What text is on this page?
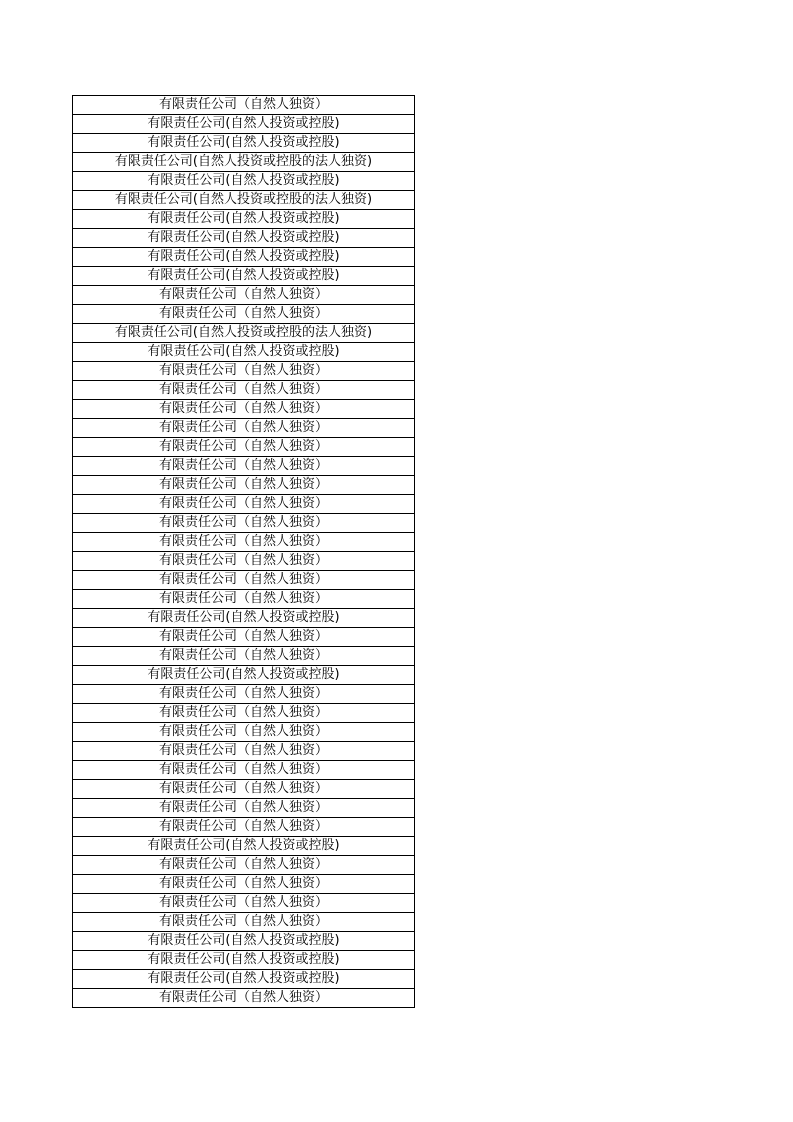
有限责任公司（自然人独资）
有限责任公司(自然人投资或控股)
有限责任公司(自然人投资或控股)
有限责任公司(自然人投资或控股的法人独资)
有限责任公司(自然人投资或控股)
有限责任公司(自然人投资或控股的法人独资)
有限责任公司(自然人投资或控股)
有限责任公司(自然人投资或控股)
有限责任公司(自然人投资或控股)
有限责任公司(自然人投资或控股)
有限责任公司（自然人独资）
有限责任公司（自然人独资）
有限责任公司(自然人投资或控股的法人独资)
有限责任公司(自然人投资或控股)
有限责任公司（自然人独资）
有限责任公司（自然人独资）
有限责任公司（自然人独资）
有限责任公司（自然人独资）
有限责任公司（自然人独资）
有限责任公司（自然人独资）
有限责任公司（自然人独资）
有限责任公司（自然人独资）
有限责任公司（自然人独资）
有限责任公司（自然人独资）
有限责任公司（自然人独资）
有限责任公司（自然人独资）
有限责任公司（自然人独资）
有限责任公司(自然人投资或控股)
有限责任公司（自然人独资）
有限责任公司（自然人独资）
有限责任公司(自然人投资或控股)
有限责任公司（自然人独资）
有限责任公司（自然人独资）
有限责任公司（自然人独资）
有限责任公司（自然人独资）
有限责任公司（自然人独资）
有限责任公司（自然人独资）
有限责任公司（自然人独资）
有限责任公司（自然人独资）
有限责任公司(自然人投资或控股)
有限责任公司（自然人独资）
有限责任公司（自然人独资）
有限责任公司（自然人独资）
有限责任公司（自然人独资）
有限责任公司(自然人投资或控股)
有限责任公司(自然人投资或控股)
有限责任公司(自然人投资或控股)
有限责任公司（自然人独资）
